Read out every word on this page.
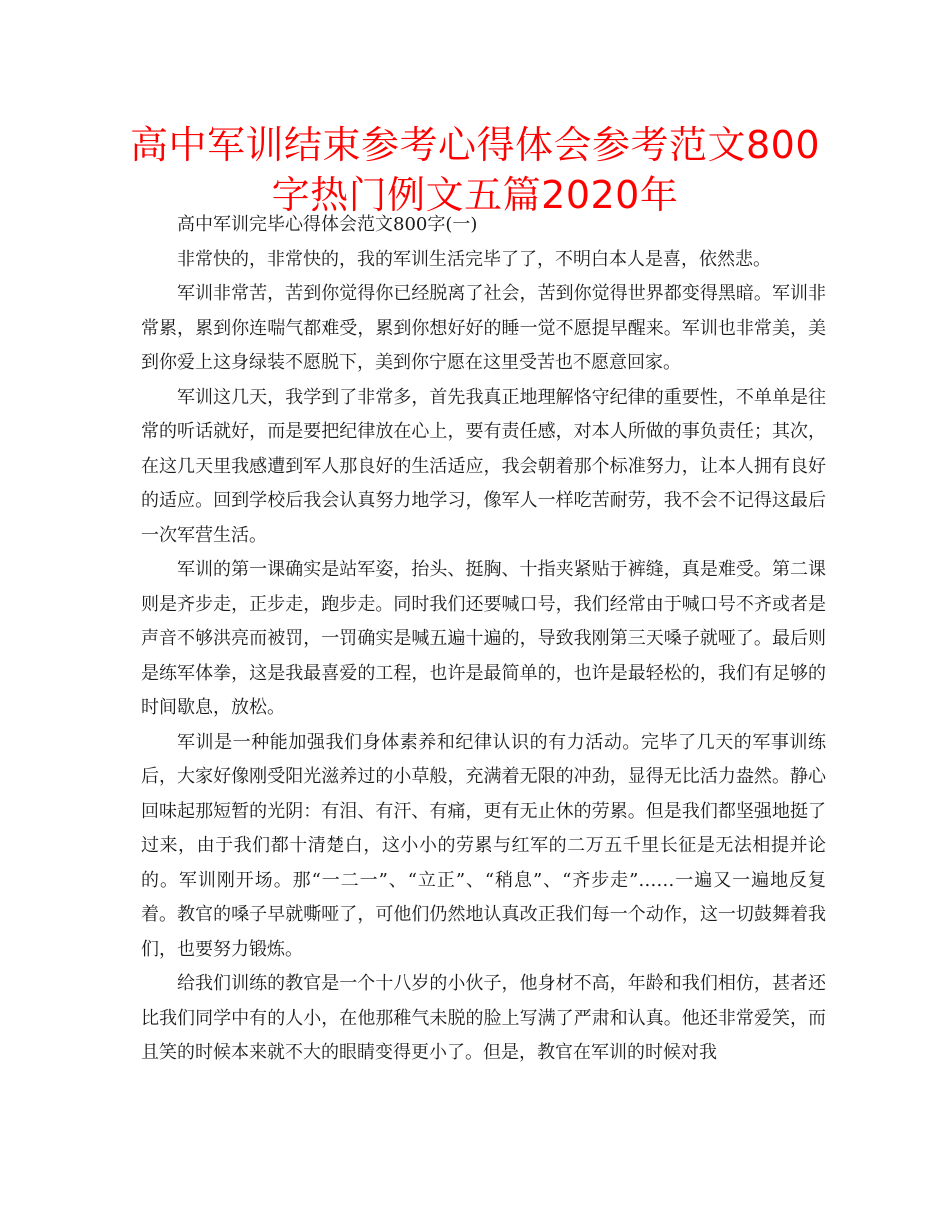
高中军训结束参考心得体会参考范文800字热门例文五篇2020年

高中军训完毕心得体会范文800字(一)

非常快的，非常快的，我的军训生活完毕了了，不明白本人是喜，依然悲。

军训非常苦，苦到你觉得你已经脱离了社会，苦到你觉得世界都变得黑暗。军训非常累，累到你连喘气都难受，累到你想好好的睡一觉不愿提早醒来。军训也非常美，美到你爱上这身绿装不愿脱下，美到你宁愿在这里受苦也不愿意回家。

军训这几天，我学到了非常多，首先我真正地理解恪守纪律的重要性，不单单是往常的听话就好，而是要把纪律放在心上，要有责任感，对本人所做的事负责任；其次，在这几天里我感遭到军人那良好的生活适应，我会朝着那个标准努力，让本人拥有良好的适应。回到学校后我会认真努力地学习，像军人一样吃苦耐劳，我不会不记得这最后一次军营生活。

军训的第一课确实是站军姿，抬头、挺胸、十指夹紧贴于裤缝，真是难受。第二课则是齐步走，正步走，跑步走。同时我们还要喊口号，我们经常由于喊口号不齐或者是声音不够洪亮而被罚，一罚确实是喊五遍十遍的，导致我刚第三天嗓子就哑了。最后则是练军体拳，这是我最喜爱的工程，也许是最简单的，也许是最轻松的，我们有足够的时间歇息，放松。

军训是一种能加强我们身体素养和纪律认识的有力活动。完毕了几天的军事训练后，大家好像刚受阳光滋养过的小草般，充满着无限的冲劲，显得无比活力盎然。静心回味起那短暂的光阴：有泪、有汗、有痛，更有无止休的劳累。但是我们都坚强地挺了过来，由于我们都十清楚白，这小小的劳累与红军的二万五千里长征是无法相提并论的。军训刚开场。那“一二一”、“立正”、“稍息”、“齐步走”……一遍又一遍地反复着。教官的嗓子早就嘶哑了，可他们仍然地认真改正我们每一个动作，这一切鼓舞着我们，也要努力锻炼。

给我们训练的教官是一个十八岁的小伙子，他身材不高，年龄和我们相仿，甚者还比我们同学中有的人小，在他那稚气未脱的脸上写满了严肃和认真。他还非常爱笑，而且笑的时候本来就不大的眼睛变得更小了。但是，教官在军训的时候对我
